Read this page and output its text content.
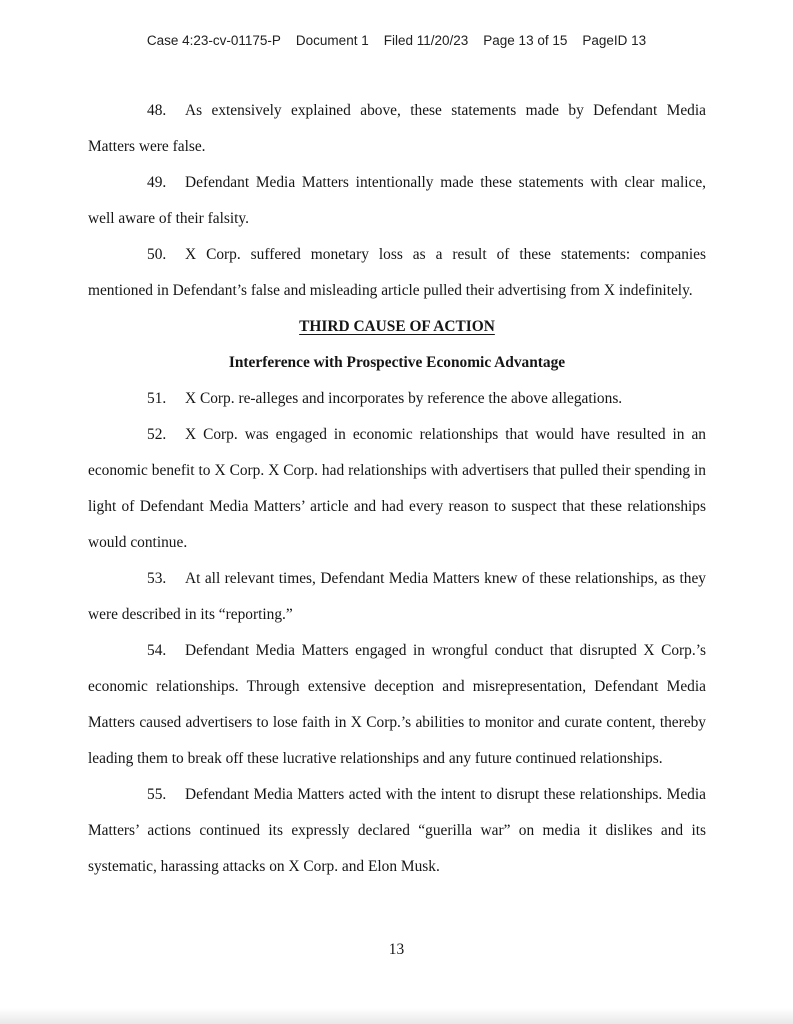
Case 4:23-cv-01175-P Document 1 Filed 11/20/23 Page 13 of 15 PageID 13

48. As extensively explained above, these statements made by Defendant Media Matters were false.

49. Defendant Media Matters intentionally made these statements with clear malice, well aware of their falsity.

50. X Corp. suffered monetary loss as a result of these statements: companies mentioned in Defendant’s false and misleading article pulled their advertising from X indefinitely.

THIRD CAUSE OF ACTION

Interference with Prospective Economic Advantage

51. X Corp. re-alleges and incorporates by reference the above allegations.

52. X Corp. was engaged in economic relationships that would have resulted in an economic benefit to X Corp. X Corp. had relationships with advertisers that pulled their spending in light of Defendant Media Matters’ article and had every reason to suspect that these relationships would continue.

53. At all relevant times, Defendant Media Matters knew of these relationships, as they were described in its “reporting.”

54. Defendant Media Matters engaged in wrongful conduct that disrupted X Corp.’s economic relationships. Through extensive deception and misrepresentation, Defendant Media Matters caused advertisers to lose faith in X Corp.’s abilities to monitor and curate content, thereby leading them to break off these lucrative relationships and any future continued relationships.

55. Defendant Media Matters acted with the intent to disrupt these relationships. Media Matters’ actions continued its expressly declared “guerilla war” on media it dislikes and its systematic, harassing attacks on X Corp. and Elon Musk.

13
